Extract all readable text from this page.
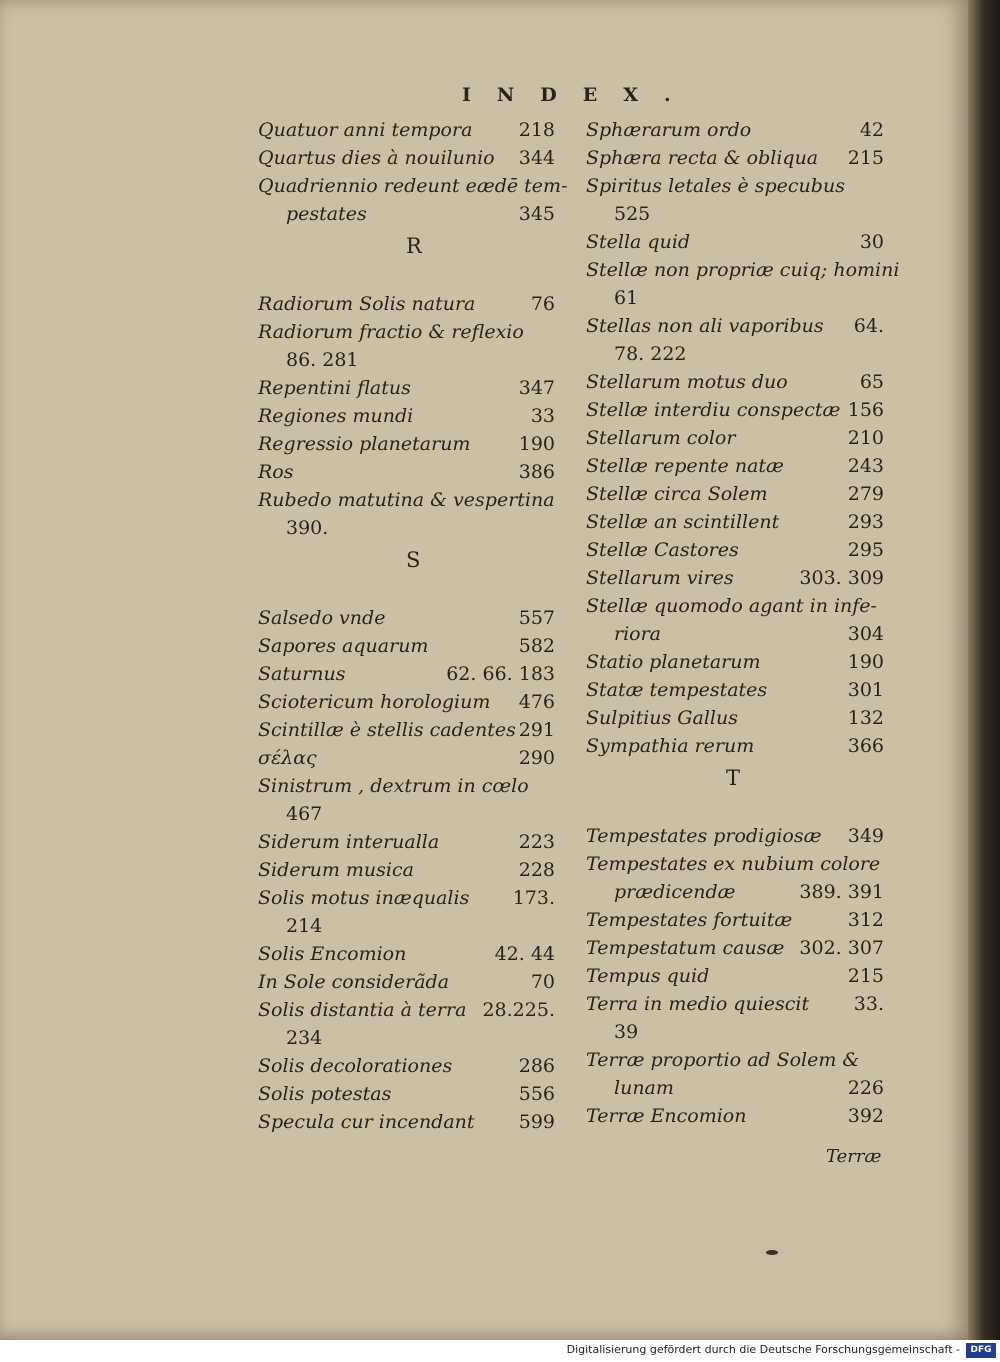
INDEX.
Quatuor anni tempora	218
Quartus dies à nouilunio	344
Quadriennio redeunt eædē tem-
pestates	345
R
Radiorum Solis natura	76
Radiorum fractio & reflexio
86. 281
Repentini flatus	347
Regiones mundi	33
Regressio planetarum	190
Ros	386
Rubedo matutina & vespertina
390.
S
Salsedo vnde	557
Sapores aquarum	582
Saturnus	62. 66. 183
Sciotericum horologium	476
Scintillæ è stellis cadentes 291
σέλας	290
Sinistrum , dextrum in cœlo
467
Siderum interualla	223
Siderum musica	228
Solis motus inæqualis	173.
214
Solis Encomion	42. 44
In Sole considerãda	70
Solis distantia à terra 28.225.
234
Solis decolorationes	286
Solis potestas	556
Specula cur incendant	599
Sphærarum ordo	42
Sphæra recta & obliqua	215
Spiritus letales è specubus
525
Stella quid	30
Stellæ non propriæ cuiq; homini
61
Stellas non ali vaporibus	64.
78. 222
Stellarum motus duo	65
Stellæ interdiu conspectæ 156
Stellarum color	210
Stellæ repente natæ	243
Stellæ circa Solem	279
Stellæ an scintillent	293
Stellæ Castores	295
Stellarum vires	303. 309
Stellæ quomodo agant in infe-
riora	304
Statio planetarum	190
Statæ tempestates	301
Sulpitius Gallus	132
Sympathia rerum	366
T
Tempestates prodigiosæ	349
Tempestates ex nubium colore
prædicendæ	389. 391
Tempestates fortuitæ	312
Tempestatum causæ 302. 307
Tempus quid	215
Terra in medio quiescit	33.
39
Terræ proportio ad Solem &
lunam	226
Terræ Encomion	392
Terræ
Digitalisierung gefördert durch die Deutsche Forschungsgemeinschaft -	DFG
